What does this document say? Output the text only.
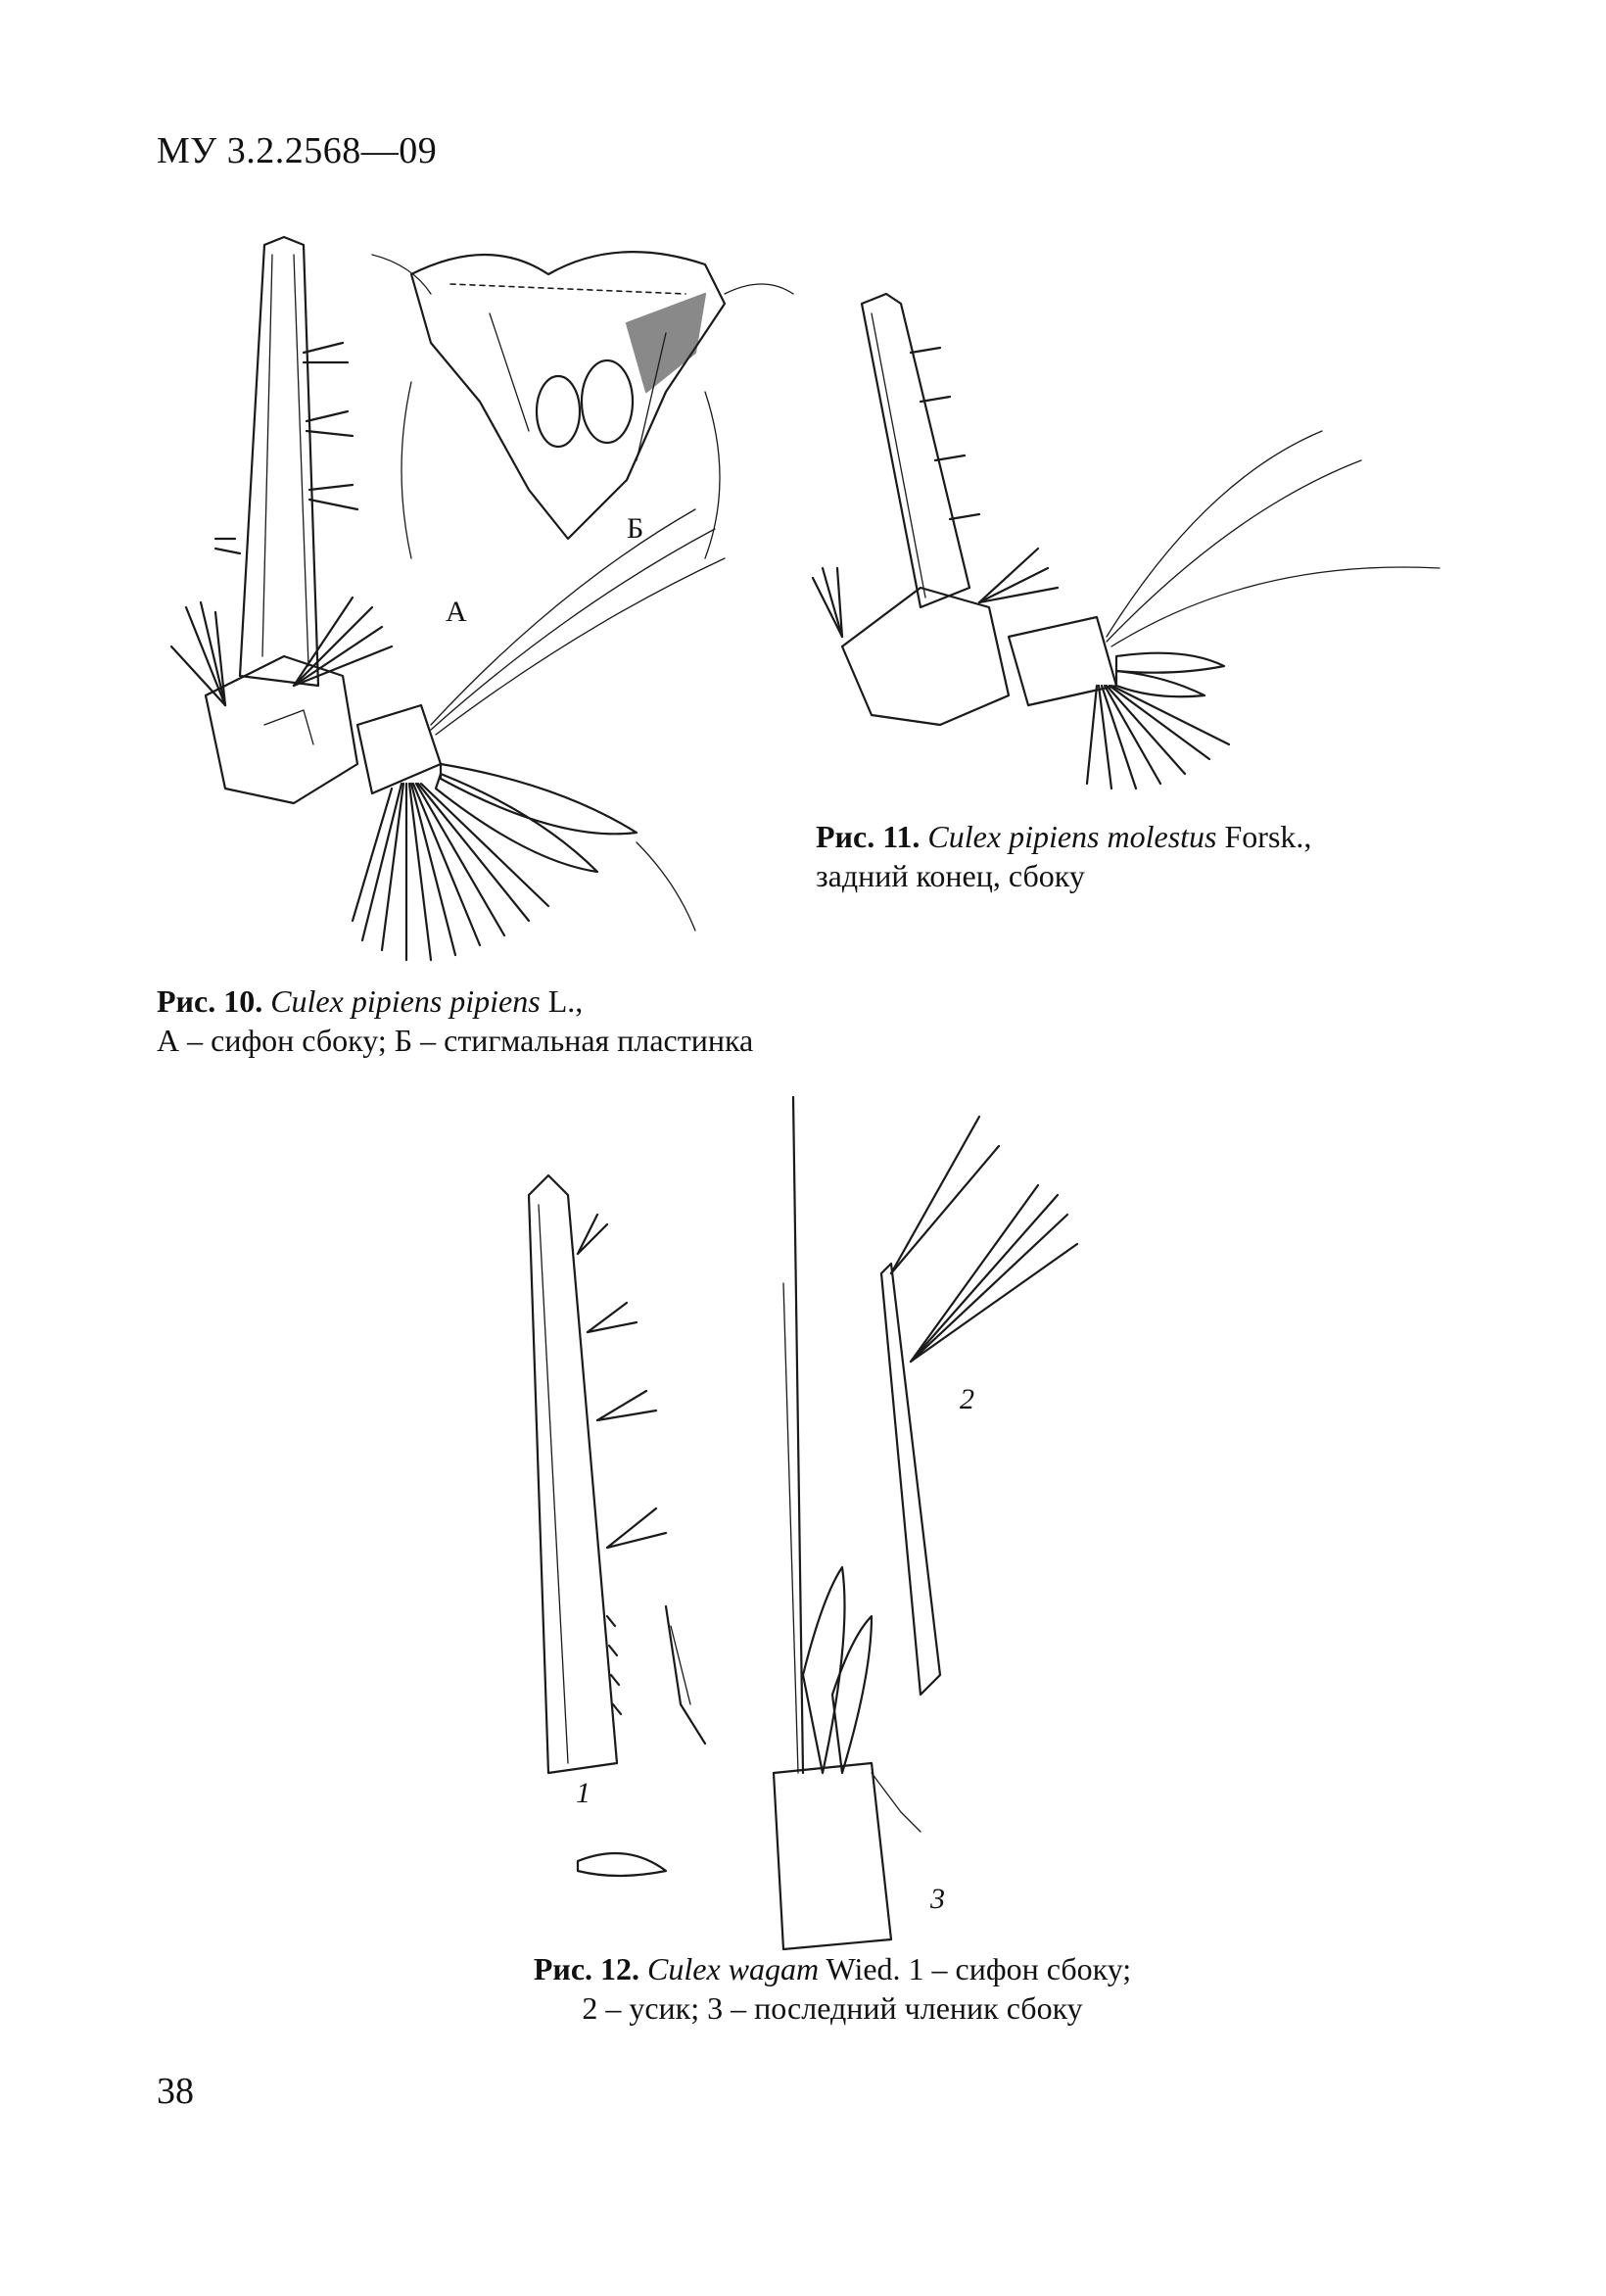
МУ 3.2.2568—09
А
Б
1
2
3
Рис. 11. Culex pipiens molestus Forsk.,
задний конец, сбоку
Рис. 10. Culex pipiens pipiens L.,
А – сифон сбоку; Б – стигмальная пластинка
Рис. 12. Culex wagam Wied. 1 – сифон сбоку;
2 – усик; 3 – последний членик сбоку
38
